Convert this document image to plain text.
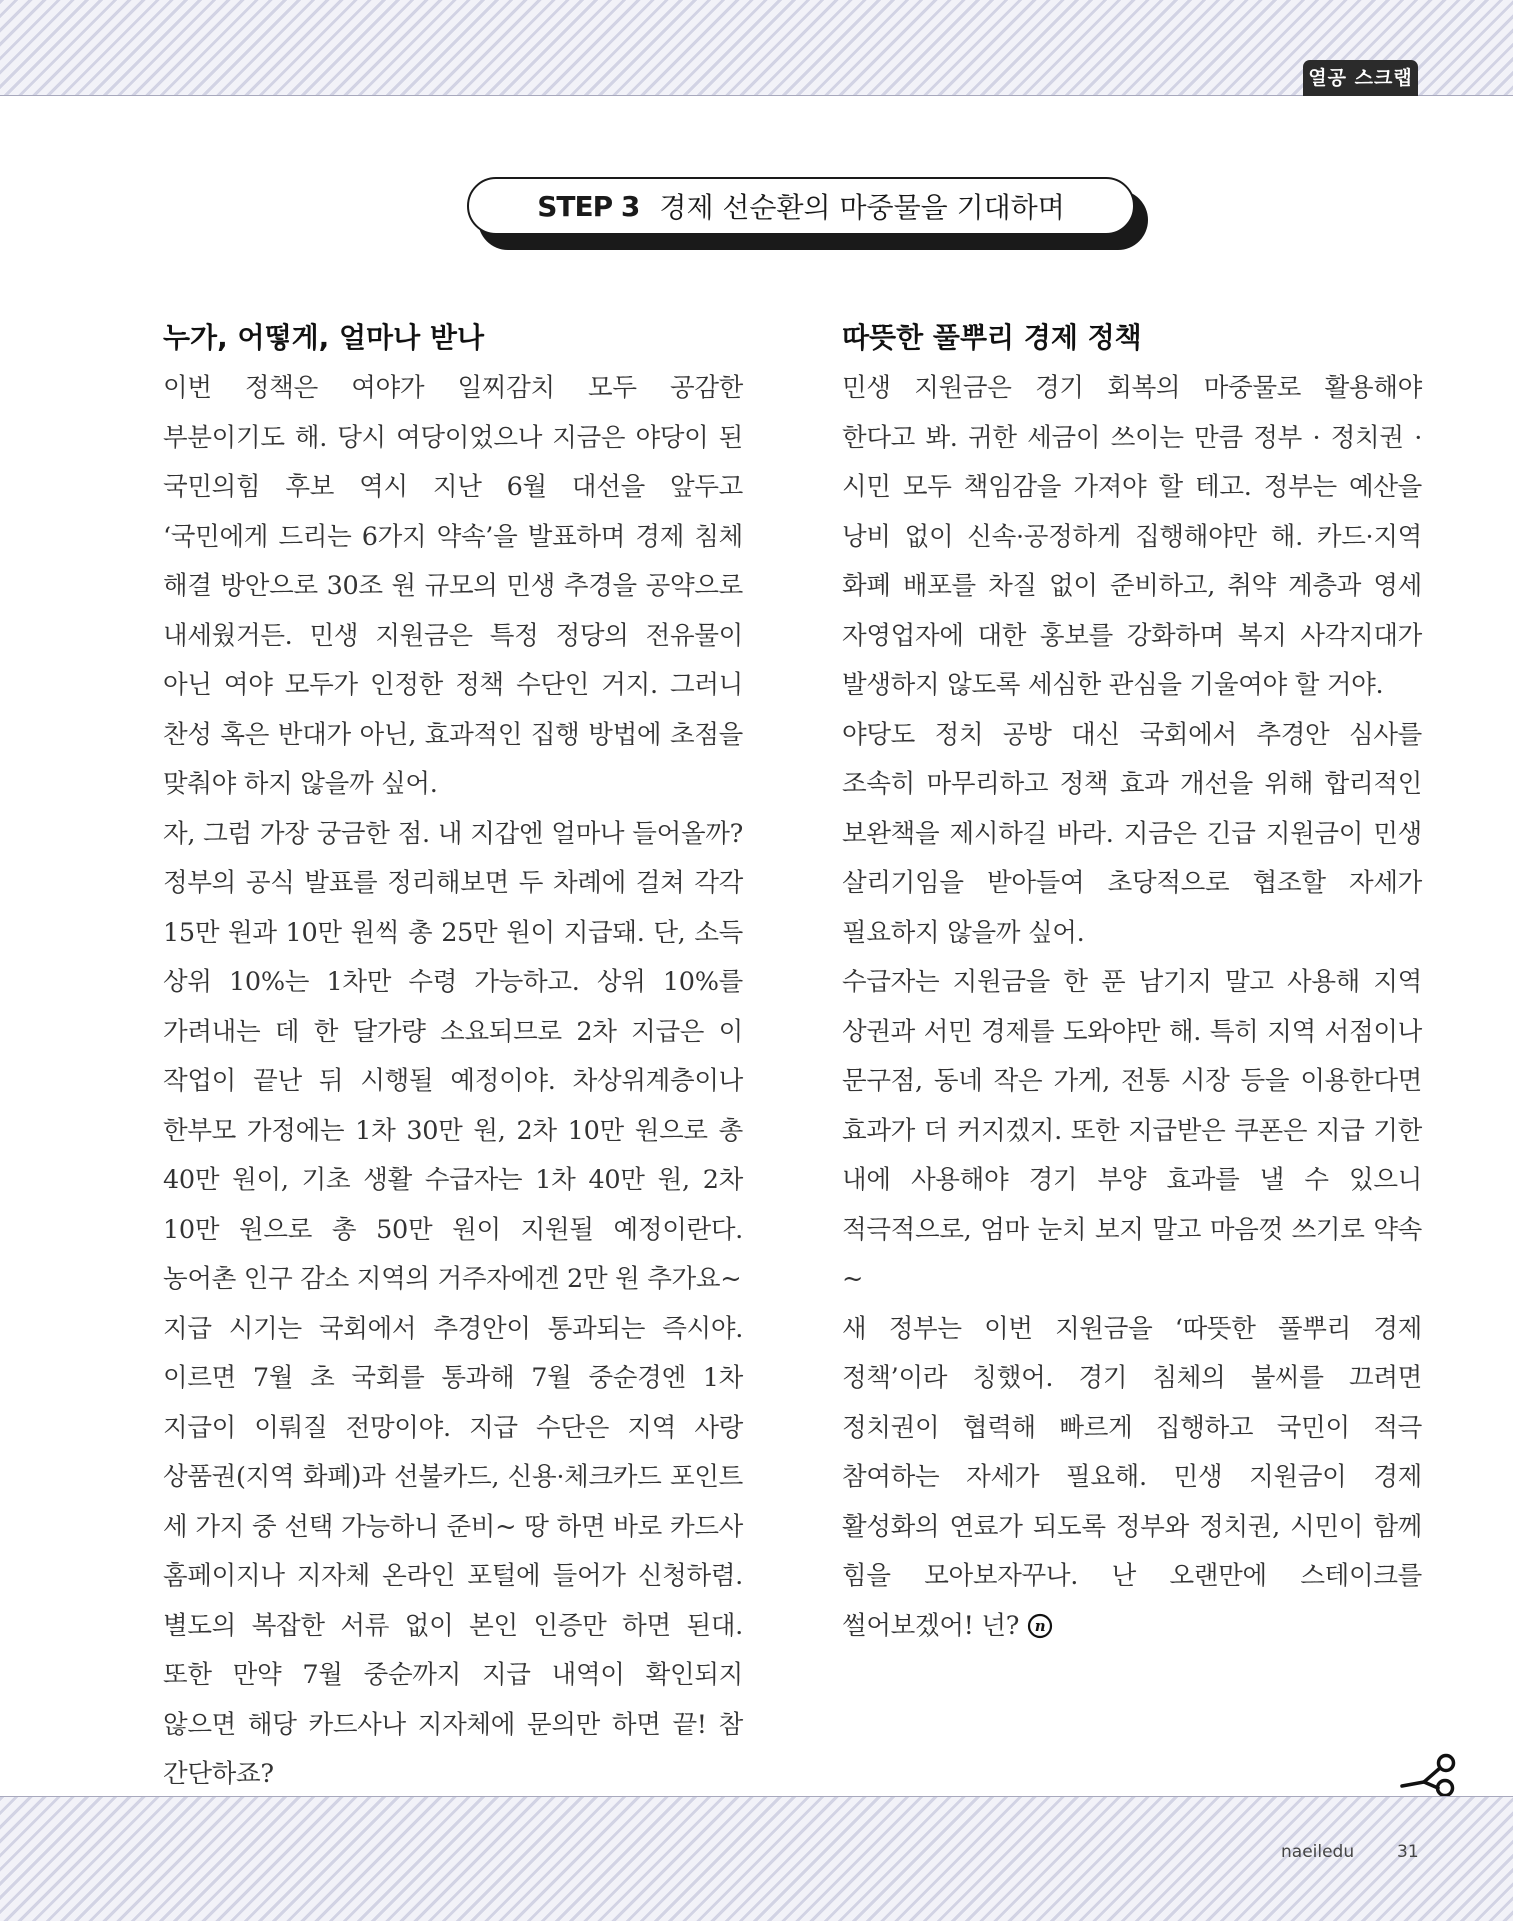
열공 스크랩
STEP 3 경제 선순환의 마중물을 기대하며
누가, 어떻게, 얼마나 받나

이번 정책은 여야가 일찌감치 모두 공감한 부분이기도 해. 당시 여당이었으나 지금은 야당이 된 국민의힘 후보 역시 지난 6월 대선을 앞두고 ‘국민에게 드리는 6가지 약속’을 발표하며 경제 침체 해결 방안으로 30조 원 규모의 민생 추경을 공약으로 내세웠거든. 민생 지원금은 특정 정당의 전유물이 아닌 여야 모두가 인정한 정책 수단인 거지. 그러니 찬성 혹은 반대가 아닌, 효과적인 집행 방법에 초점을 맞춰야 하지 않을까 싶어.

자, 그럼 가장 궁금한 점. 내 지갑엔 얼마나 들어올까? 정부의 공식 발표를 정리해보면 두 차례에 걸쳐 각각 15만 원과 10만 원씩 총 25만 원이 지급돼. 단, 소득 상위 10%는 1차만 수령 가능하고. 상위 10%를 가려내는 데 한 달가량 소요되므로 2차 지급은 이 작업이 끝난 뒤 시행될 예정이야. 차상위계층이나 한부모 가정에는 1차 30만 원, 2차 10만 원으로 총 40만 원이, 기초 생활 수급자는 1차 40만 원, 2차 10만 원으로 총 50만 원이 지원될 예정이란다. 농어촌 인구 감소 지역의 거주자에겐 2만 원 추가요~

지급 시기는 국회에서 추경안이 통과되는 즉시야. 이르면 7월 초 국회를 통과해 7월 중순경엔 1차 지급이 이뤄질 전망이야. 지급 수단은 지역 사랑 상품권(지역 화폐)과 선불카드, 신용·체크카드 포인트 세 가지 중 선택 가능하니 준비~ 땅 하면 바로 카드사 홈페이지나 지자체 온라인 포털에 들어가 신청하렴. 별도의 복잡한 서류 없이 본인 인증만 하면 된대. 또한 만약 7월 중순까지 지급 내역이 확인되지 않으면 해당 카드사나 지자체에 문의만 하면 끝! 참 간단하죠?

따뜻한 풀뿌리 경제 정책

민생 지원금은 경기 회복의 마중물로 활용해야 한다고 봐. 귀한 세금이 쓰이는 만큼 정부 · 정치권 · 시민 모두 책임감을 가져야 할 테고. 정부는 예산을 낭비 없이 신속·공정하게 집행해야만 해. 카드·지역 화폐 배포를 차질 없이 준비하고, 취약 계층과 영세 자영업자에 대한 홍보를 강화하며 복지 사각지대가 발생하지 않도록 세심한 관심을 기울여야 할 거야.

야당도 정치 공방 대신 국회에서 추경안 심사를 조속히 마무리하고 정책 효과 개선을 위해 합리적인 보완책을 제시하길 바라. 지금은 긴급 지원금이 민생 살리기임을 받아들여 초당적으로 협조할 자세가 필요하지 않을까 싶어.

수급자는 지원금을 한 푼 남기지 말고 사용해 지역 상권과 서민 경제를 도와야만 해. 특히 지역 서점이나 문구점, 동네 작은 가게, 전통 시장 등을 이용한다면 효과가 더 커지겠지. 또한 지급받은 쿠폰은 지급 기한 내에 사용해야 경기 부양 효과를 낼 수 있으니 적극적으로, 엄마 눈치 보지 말고 마음껏 쓰기로 약속~

새 정부는 이번 지원금을 ‘따뜻한 풀뿌리 경제 정책’이라 칭했어. 경기 침체의 불씨를 끄려면 정치권이 협력해 빠르게 집행하고 국민이 적극 참여하는 자세가 필요해. 민생 지원금이 경제 활성화의 연료가 되도록 정부와 정치권, 시민이 함께 힘을 모아보자꾸나. 난 오랜만에 스테이크를 썰어보겠어! 넌? n

naeiledu	31
